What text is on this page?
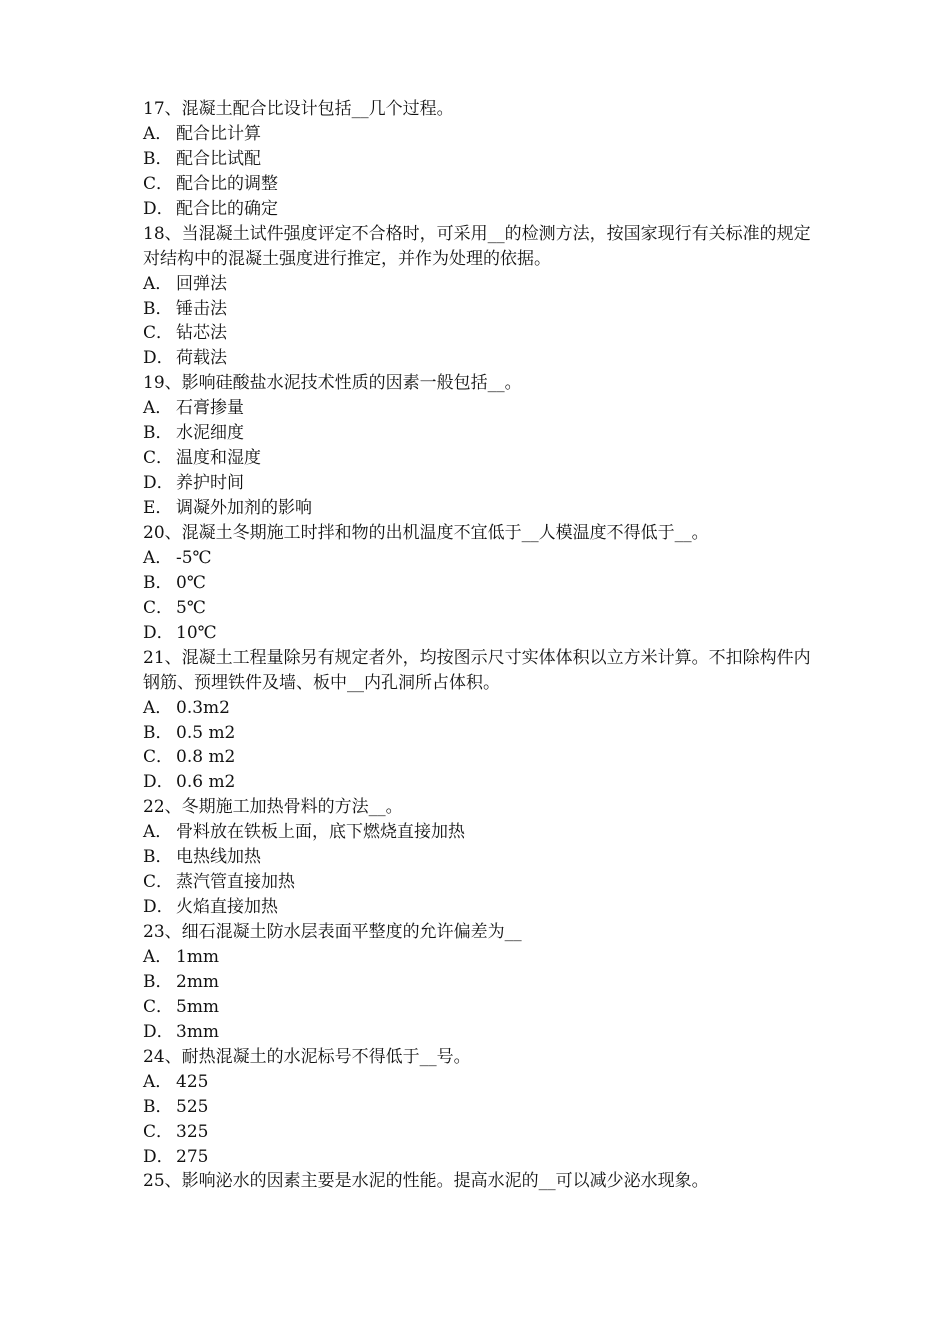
17、混凝土配合比设计包括__几个过程。
A． 配合比计算
B． 配合比试配
C． 配合比的调整
D． 配合比的确定
18、当混凝土试件强度评定不合格时，可采用__的检测方法，按国家现行有关标准的规定对结构中的混凝土强度进行推定，并作为处理的依据。
A． 回弹法
B． 锤击法
C． 钻芯法
D． 荷载法
19、影响硅酸盐水泥技术性质的因素一般包括__。
A． 石膏掺量
B． 水泥细度
C． 温度和湿度
D． 养护时间
E． 调凝外加剂的影响
20、混凝土冬期施工时拌和物的出机温度不宜低于__人模温度不得低于__。
A． -5℃
B． 0℃
C． 5℃
D． 10℃
21、混凝土工程量除另有规定者外，均按图示尺寸实体体积以立方米计算。不扣除构件内钢筋、预埋铁件及墙、板中__内孔洞所占体积。
A． 0.3m2
B． 0.5 m2
C． 0.8 m2
D． 0.6 m2
22、冬期施工加热骨料的方法__。
A． 骨料放在铁板上面，底下燃烧直接加热
B． 电热线加热
C． 蒸汽管直接加热
D． 火焰直接加热
23、细石混凝土防水层表面平整度的允许偏差为__
A． 1mm
B． 2mm
C． 5mm
D． 3mm
24、耐热混凝土的水泥标号不得低于__号。
A． 425
B． 525
C． 325
D． 275
25、影响泌水的因素主要是水泥的性能。提高水泥的__可以减少泌水现象。
